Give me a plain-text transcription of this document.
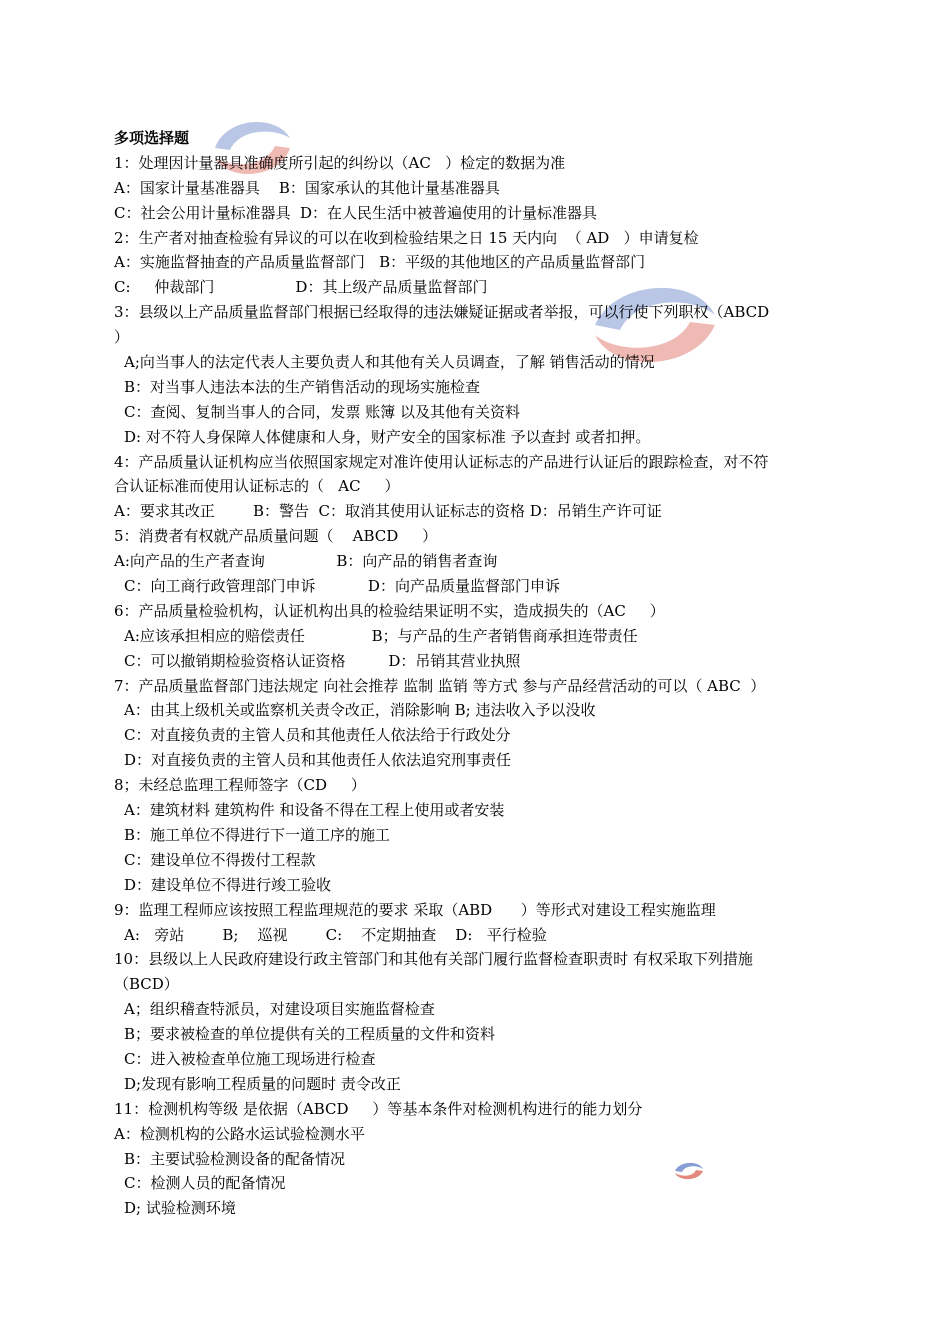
多项选择题
1：处理因计量器具准确度所引起的纠纷以（AC   ）检定的数据为准
A：国家计量基准器具    B：国家承认的其他计量基准器具
C：社会公用计量标准器具  D：在人民生活中被普遍使用的计量标准器具
2：生产者对抽查检验有异议的可以在收到检验结果之日 15 天内向  （ AD   ）申请复检
A：实施监督抽查的产品质量监督部门   B：平级的其他地区的产品质量监督部门
C:     仲裁部门                 D：其上级产品质量监督部门
3：县级以上产品质量监督部门根据已经取得的违法嫌疑证据或者举报，可以行使下列职权（ABCD
）
A;向当事人的法定代表人主要负责人和其他有关人员调查，了解 销售活动的情况
B：对当事人违法本法的生产销售活动的现场实施检查
C：查阅、复制当事人的合同，发票 账簿 以及其他有关资料
D: 对不符人身保障人体健康和人身，财产安全的国家标准 予以查封 或者扣押。
4：产品质量认证机构应当依照国家规定对准许使用认证标志的产品进行认证后的跟踪检查，对不符
合认证标准而使用认证标志的（   AC     ）
A：要求其改正        B：警告  C：取消其使用认证标志的资格 D：吊销生产许可证
5：消费者有权就产品质量问题（    ABCD     ）
A:向产品的生产者查询               B：向产品的销售者查询
C：向工商行政管理部门申诉           D：向产品质量监督部门申诉
6：产品质量检验机构，认证机构出具的检验结果证明不实，造成损失的（AC     ）
A:应该承担相应的赔偿责任              B；与产品的生产者销售商承担连带责任
C：可以撤销期检验资格认证资格         D：吊销其营业执照
7：产品质量监督部门违法规定 向社会推荐 监制 监销 等方式 参与产品经营活动的可以（ ABC  ）
A：由其上级机关或监察机关责令改正，消除影响 B; 违法收入予以没收
C：对直接负责的主管人员和其他责任人依法给于行政处分
D：对直接负责的主管人员和其他责任人依法追究刑事责任
8；未经总监理工程师签字（CD     ）
A：建筑材料 建筑构件 和设备不得在工程上使用或者安装
B：施工单位不得进行下一道工序的施工
C：建设单位不得拨付工程款
D：建设单位不得进行竣工验收
9：监理工程师应该按照工程监理规范的要求 采取（ABD      ）等形式对建设工程实施监理
A:   旁站        B;    巡视        C:    不定期抽查    D:   平行检验
10：县级以上人民政府建设行政主管部门和其他有关部门履行监督检查职责时 有权采取下列措施
（BCD）
A；组织稽查特派员，对建设项目实施监督检查
B；要求被检查的单位提供有关的工程质量的文件和资料
C：进入被检查单位施工现场进行检查
D;发现有影响工程质量的问题时 责令改正
11：检测机构等级 是依据（ABCD     ）等基本条件对检测机构进行的能力划分
A：检测机构的公路水运试验检测水平
B：主要试验检测设备的配备情况
C：检测人员的配备情况
D; 试验检测环境
